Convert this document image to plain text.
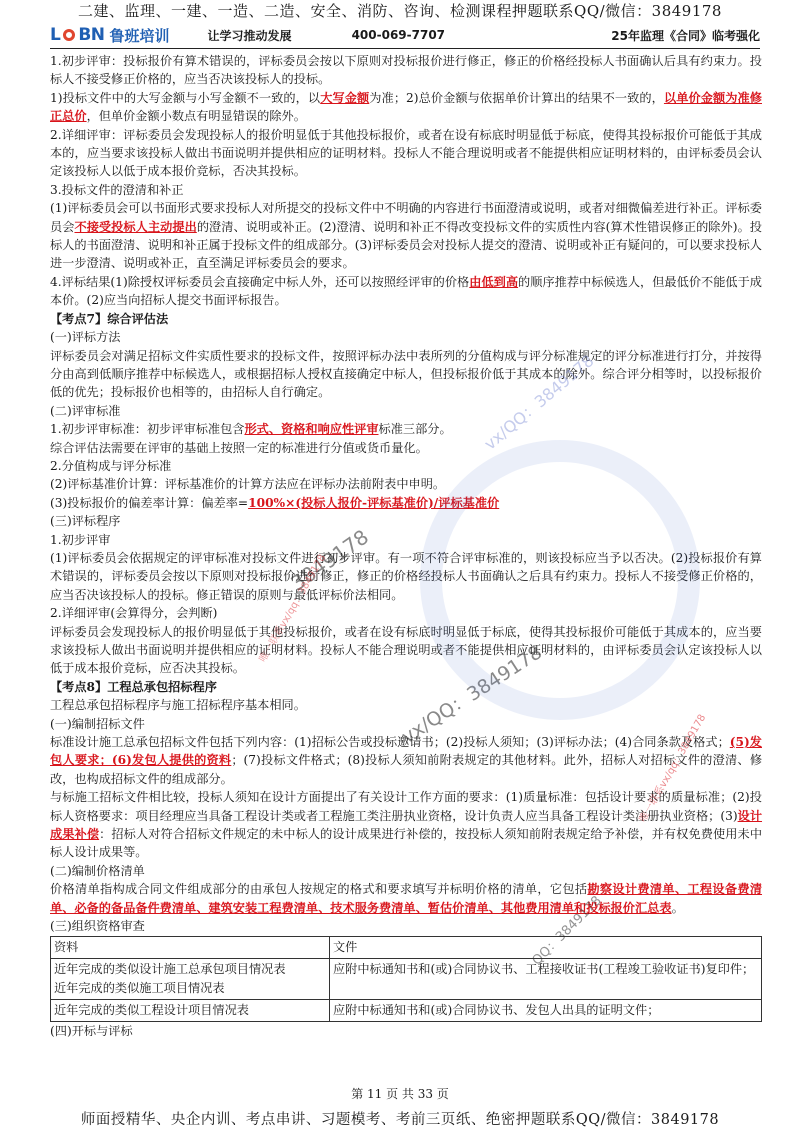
二建、监理、一建、一造、二造、安全、消防、咨询、检测课程押题联系QQ/微信：3849178
L BN 鲁班培训	让学习推动发展	400-069-7707	25年监理《合同》临考强化

1.初步评审：投标报价有算术错误的，评标委员会按以下原则对投标报价进行修正，修正的价格经投标人书面确认后具有约束力。投标人不接受修正价格的，应当否决该投标人的投标。

1)投标文件中的大写金额与小写金额不一致的，以大写金额为准；2)总价金额与依据单价计算出的结果不一致的，以单价金额为准修正总价，但单价金额小数点有明显错误的除外。

2.详细评审：评标委员会发现投标人的报价明显低于其他投标报价，或者在设有标底时明显低于标底，使得其投标报价可能低于其成本的，应当要求该投标人做出书面说明并提供相应的证明材料。投标人不能合理说明或者不能提供相应证明材料的，由评标委员会认定该投标人以低于成本报价竞标，否决其投标。

3.投标文件的澄清和补正

(1)评标委员会可以书面形式要求投标人对所提交的投标文件中不明确的内容进行书面澄清或说明，或者对细微偏差进行补正。评标委员会不接受投标人主动提出的澄清、说明或补正。(2)澄清、说明和补正不得改变投标文件的实质性内容(算术性错误修正的除外)。投标人的书面澄清、说明和补正属于投标文件的组成部分。(3)评标委员会对投标人提交的澄清、说明或补正有疑问的，可以要求投标人进一步澄清、说明或补正，直至满足评标委员会的要求。

4.评标结果(1)除授权评标委员会直接确定中标人外，还可以按照经评审的价格由低到高的顺序推荐中标候选人，但最低价不能低于成本价。(2)应当向招标人提交书面评标报告。

【考点7】综合评估法

(一)评标方法

评标委员会对满足招标文件实质性要求的投标文件，按照评标办法中表所列的分值构成与评分标准规定的评分标准进行打分，并按得分由高到低顺序推荐中标候选人，或根据招标人授权直接确定中标人，但投标报价低于其成本的除外。综合评分相等时，以投标报价低的优先；投标报价也相等的，由招标人自行确定。

(二)评审标准

1.初步评审标准：初步评审标准包含形式、资格和响应性评审标准三部分。

综合评估法需要在评审的基础上按照一定的标准进行分值或货币量化。

2.分值构成与评分标准

(2)评标基准价计算：评标基准价的计算方法应在评标办法前附表中申明。

(3)投标报价的偏差率计算：偏差率=100%×(投标人报价-评标基准价)/评标基准价

(三)评标程序

1.初步评审

(1)评标委员会依据规定的评审标准对投标文件进行初步评审。有一项不符合评审标准的，则该投标应当予以否决。(2)投标报价有算术错误的，评标委员会按以下原则对投标报价进行修正，修正的价格经投标人书面确认之后具有约束力。投标人不接受修正价格的，应当否决该投标人的投标。修正错误的原则与最低评标价法相同。

2.详细评审(会算得分，会判断)

评标委员会发现投标人的报价明显低于其他投标报价，或者在设有标底时明显低于标底，使得其投标报价可能低于其成本的，应当要求该投标人做出书面说明并提供相应的证明材料。投标人不能合理说明或者不能提供相应证明材料的，由评标委员会认定该投标人以低于成本报价竞标，应否决其投标。

【考点8】工程总承包招标程序

工程总承包招标程序与施工招标程序基本相同。

(一)编制招标文件

标准设计施工总承包招标文件包括下列内容：(1)招标公告或投标邀请书；(2)投标人须知；(3)评标办法；(4)合同条款及格式；(5)发包人要求；(6)发包人提供的资料；(7)投标文件格式；(8)投标人须知前附表规定的其他材料。此外，招标人对招标文件的澄清、修改，也构成招标文件的组成部分。

与标施工招标文件相比较，投标人须知在设计方面提出了有关设计工作方面的要求：(1)质量标准：包括设计要求的质量标准；(2)投标人资格要求：项目经理应当具备工程设计类或者工程施工类注册执业资格，设计负责人应当具备工程设计类注册执业资格；(3)设计成果补偿：招标人对符合招标文件规定的未中标人的设计成果进行补偿的，按投标人须知前附表规定给予补偿，并有权免费使用未中标人设计成果等。

(二)编制价格清单

价格清单指构成合同文件组成部分的由承包人按规定的格式和要求填写并标明价格的清单，它包括勘察设计费清单、工程设备费清单、必备的备品备件费清单、建筑安装工程费清单、技术服务费清单、暂估价清单、其他费用清单和投标报价汇总表。

(三)组织资格审查

资料	文件
近年完成的类似设计施工总承包项目情况表
近年完成的类似施工项目情况表	应附中标通知书和(或)合同协议书、工程接收证书(工程竣工验收证书)复印件；
近年完成的类似工程设计项目情况表	应附中标通知书和(或)合同协议书、发包人出具的证明文件；

(四)开标与评标

vx/QQ：3849178
3849178
vx/QQ：3849178
QQ：3849178
唯一联系vx/qq：3849178
唯一联系vx/qq：3849178
第 11 页 共 33 页
师面授精华、央企内训、考点串讲、习题模考、考前三页纸、绝密押题联系QQ/微信：3849178
